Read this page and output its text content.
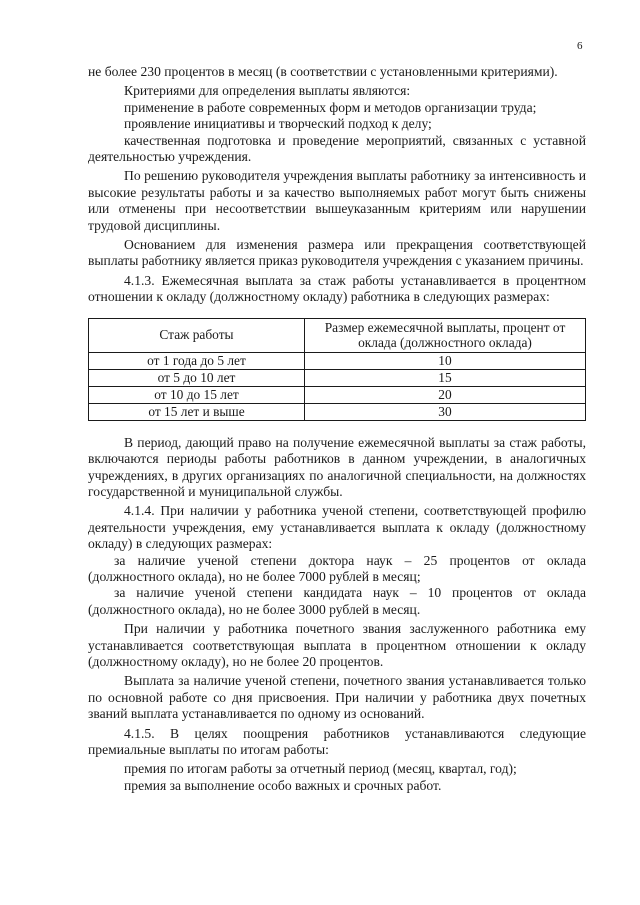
6

не более 230 процентов в месяц (в соответствии с установленными критериями).

Критериями для определения выплаты являются:

применение в работе современных форм и методов организации труда;

проявление инициативы и творческий подход к делу;

качественная подготовка и проведение мероприятий, связанных с уставной деятельностью учреждения.

По решению руководителя учреждения выплаты работнику за интенсивность и высокие результаты работы и за качество выполняемых работ могут быть снижены или отменены при несоответствии вышеуказанным критериям или нарушении трудовой дисциплины.

Основанием для изменения размера или прекращения соответствующей выплаты работнику является приказ руководителя учреждения с указанием причины.

4.1.3. Ежемесячная выплата за стаж работы устанавливается в процентном отношении к окладу (должностному окладу) работника в следующих размерах:

Стаж работы	Размер ежемесячной выплаты, процент от оклада (должностного оклада)
от 1 года до 5 лет	10
от 5 до 10 лет	15
от 10 до 15 лет	20
от 15 лет и выше	30

В период, дающий право на получение ежемесячной выплаты за стаж работы, включаются периоды работы работников в данном учреждении, в аналогичных учреждениях, в других организациях по аналогичной специальности, на должностях государственной и муниципальной службы.

4.1.4. При наличии у работника ученой степени, соответствующей профилю деятельности учреждения, ему устанавливается выплата к окладу (должностному окладу) в следующих размерах:

за наличие ученой степени доктора наук – 25 процентов от оклада (должностного оклада), но не более 7000 рублей в месяц;

за наличие ученой степени кандидата наук – 10 процентов от оклада (должностного оклада), но не более 3000 рублей в месяц.

При наличии у работника почетного звания заслуженного работника ему устанавливается соответствующая выплата в процентном отношении к окладу (должностному окладу), но не более 20 процентов.

Выплата за наличие ученой степени, почетного звания устанавливается только по основной работе со дня присвоения. При наличии у работника двух почетных званий выплата устанавливается по одному из оснований.

4.1.5. В целях поощрения работников устанавливаются следующие премиальные выплаты по итогам работы:

премия по итогам работы за отчетный период (месяц, квартал, год);

премия за выполнение особо важных и срочных работ.
